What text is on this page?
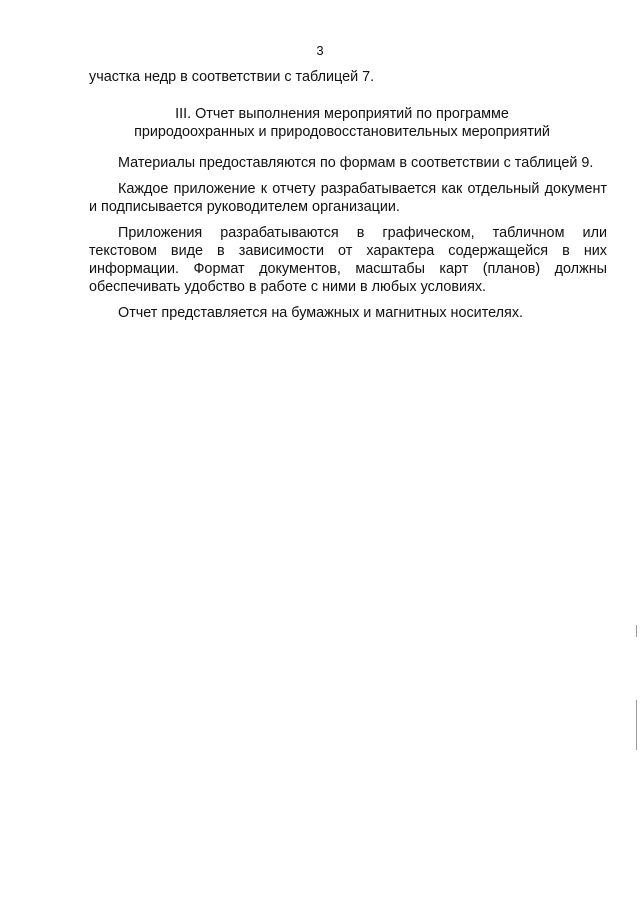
3
участка недр в соответствии с таблицей 7.
III. Отчет выполнения мероприятий по программе
природоохранных и природовосстановительных мероприятий

Материалы предоставляются по формам в соответствии с таблицей 9.

Каждое приложение к отчету разрабатывается как отдельный документ и подписывается руководителем организации.

Приложения разрабатываются в графическом, табличном или текстовом виде в зависимости от характера содержащейся в них информации. Формат документов, масштабы карт (планов) должны обеспечивать удобство в работе с ними в любых условиях.

Отчет представляется на бумажных и магнитных носителях.
